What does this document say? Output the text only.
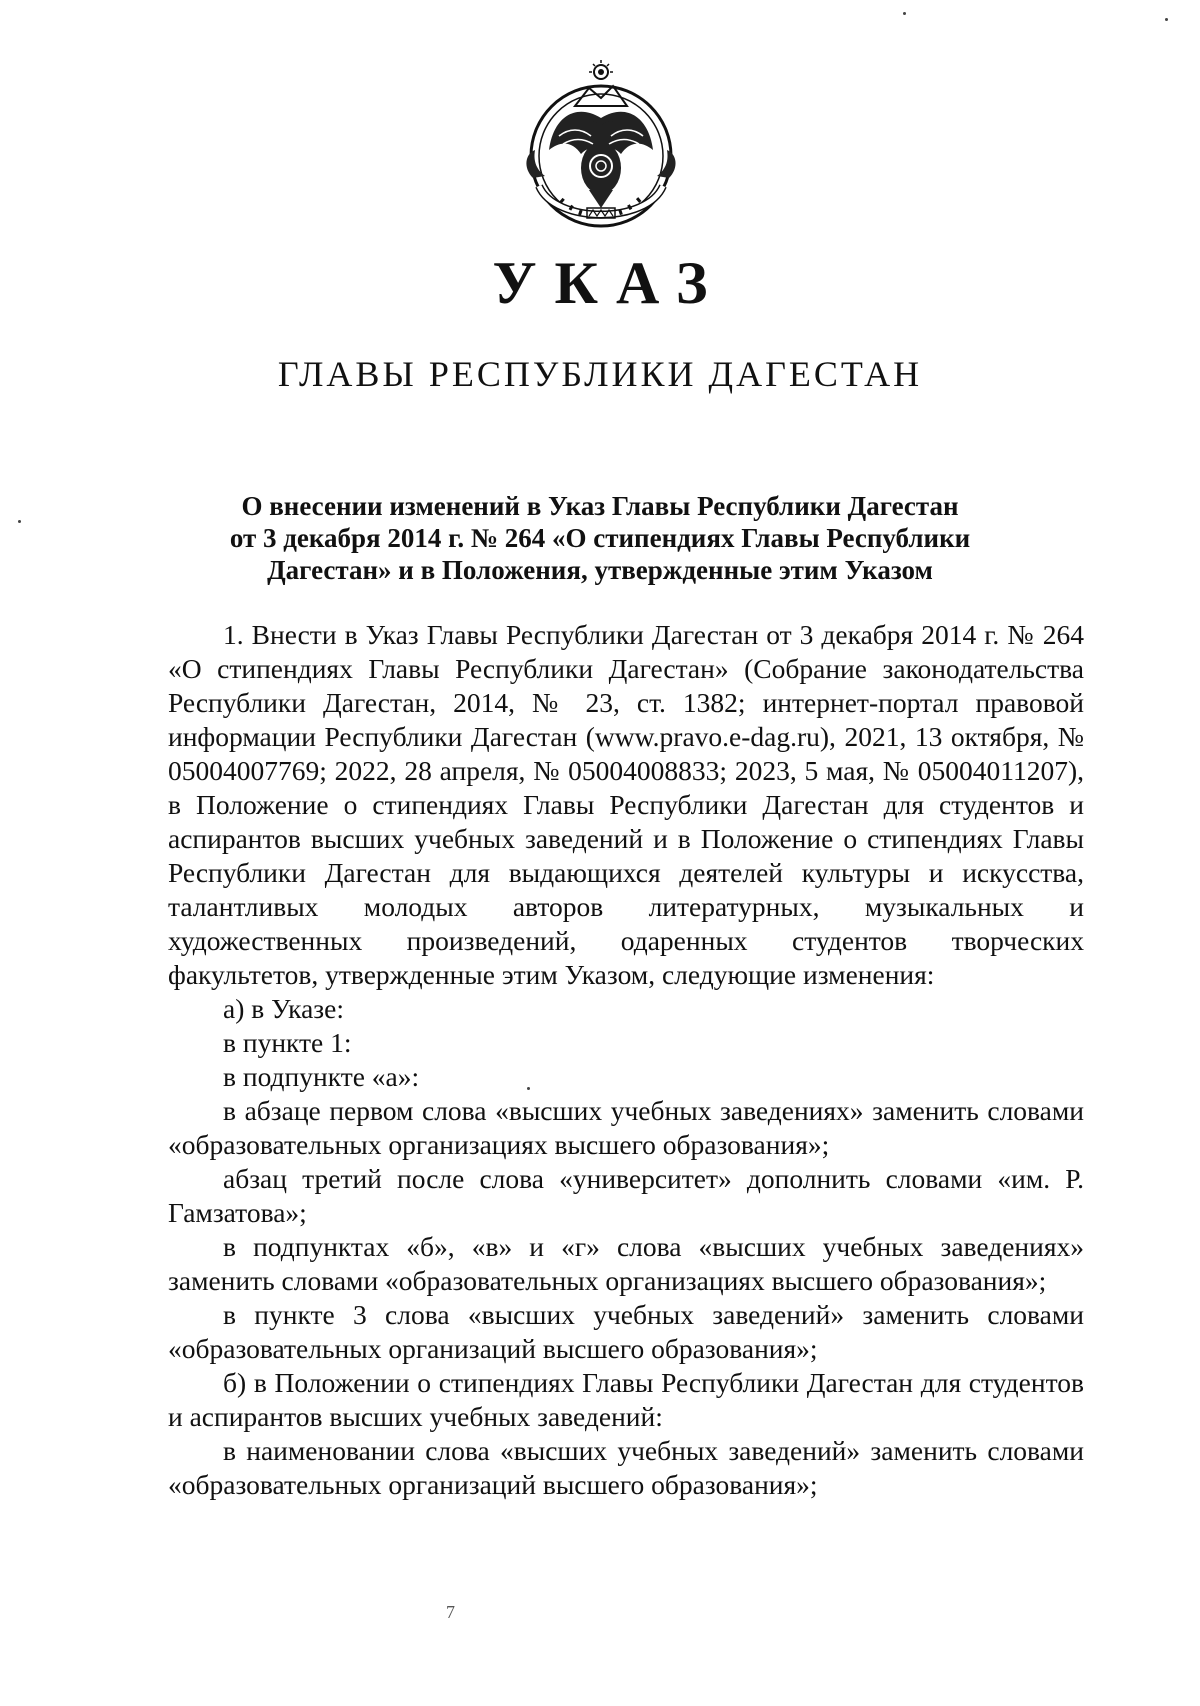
УКАЗ
ГЛАВЫ РЕСПУБЛИКИ ДАГЕСТАН
О внесении изменений в Указ Главы Республики Дагестан
от 3 декабря 2014 г. № 264 «О стипендиях Главы Республики
Дагестан» и в Положения, утвержденные этим Указом

1. Внести в Указ Главы Республики Дагестан от 3 декабря 2014 г. № 264 «О стипендиях Главы Республики Дагестан» (Собрание законодательства Республики Дагестан, 2014, № 23, ст. 1382; интернет-портал правовой информации Республики Дагестан (www.pravo.e-dag.ru), 2021, 13 октября, № 05004007769; 2022, 28 апреля, № 05004008833; 2023, 5 мая, № 05004011207), в Положение о стипендиях Главы Республики Дагестан для студентов и аспирантов высших учебных заведений и в Положение о стипендиях Главы Республики Дагестан для выдающихся деятелей культуры и искусства, талантливых молодых авторов литературных, музыкальных и художественных произведений, одаренных студентов творческих факультетов, утвержденные этим Указом, следующие изменения:

а) в Указе:

в пункте 1:

в подпункте «а»:

в абзаце первом слова «высших учебных заведениях» заменить словами «образовательных организациях высшего образования»;

абзац третий после слова «университет» дополнить словами «им. Р. Гамзатова»;

в подпунктах «б», «в» и «г» слова «высших учебных заведениях» заменить словами «образовательных организациях высшего образования»;

в пункте 3 слова «высших учебных заведений» заменить словами «образовательных организаций высшего образования»;

б) в Положении о стипендиях Главы Республики Дагестан для студентов и аспирантов высших учебных заведений:

в наименовании слова «высших учебных заведений» заменить словами «образовательных организаций высшего образования»;

7
